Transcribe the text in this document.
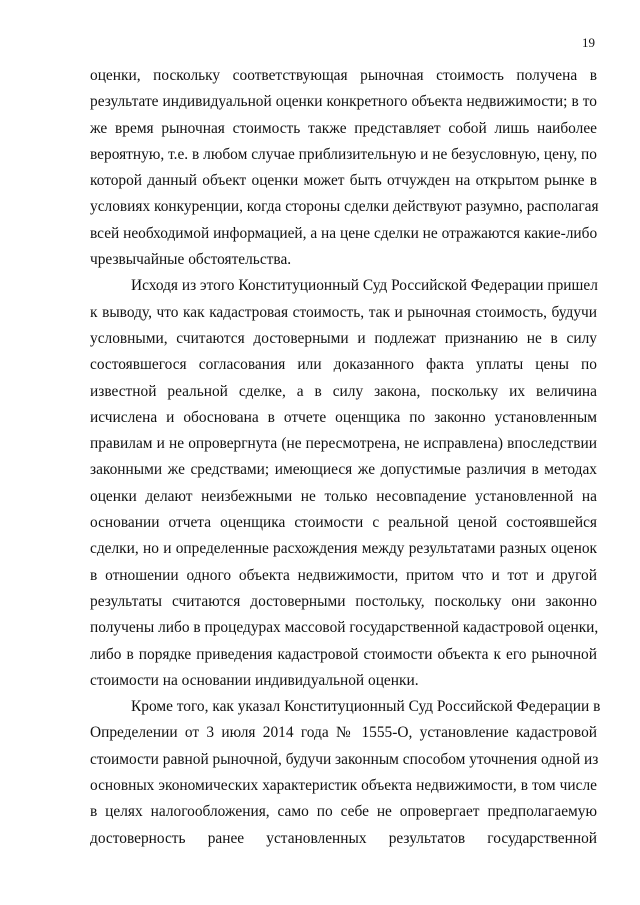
19
оценки, поскольку соответствующая рыночная стоимость получена в
результате индивидуальной оценки конкретного объекта недвижимости; в то
же время рыночная стоимость также представляет собой лишь наиболее
вероятную, т.е. в любом случае приблизительную и не безусловную, цену, по
которой данный объект оценки может быть отчужден на открытом рынке в
условиях конкуренции, когда стороны сделки действуют разумно, располагая
всей необходимой информацией, а на цене сделки не отражаются какие-либо
чрезвычайные обстоятельства.
Исходя из этого Конституционный Суд Российской Федерации пришел
к выводу, что как кадастровая стоимость, так и рыночная стоимость, будучи
условными, считаются достоверными и подлежат признанию не в силу
состоявшегося согласования или доказанного факта уплаты цены по
известной реальной сделке, а в силу закона, поскольку их величина
исчислена и обоснована в отчете оценщика по законно установленным
правилам и не опровергнута (не пересмотрена, не исправлена) впоследствии
законными же средствами; имеющиеся же допустимые различия в методах
оценки делают неизбежными не только несовпадение установленной на
основании отчета оценщика стоимости с реальной ценой состоявшейся
сделки, но и определенные расхождения между результатами разных оценок
в отношении одного объекта недвижимости, притом что и тот и другой
результаты считаются достоверными постольку, поскольку они законно
получены либо в процедурах массовой государственной кадастровой оценки,
либо в порядке приведения кадастровой стоимости объекта к его рыночной
стоимости на основании индивидуальной оценки.
Кроме того, как указал Конституционный Суд Российской Федерации в
Определении от 3 июля 2014 года № 1555-О, установление кадастровой
стоимости равной рыночной, будучи законным способом уточнения одной из
основных экономических характеристик объекта недвижимости, в том числе
в целях налогообложения, само по себе не опровергает предполагаемую
достоверность ранее установленных результатов государственной
